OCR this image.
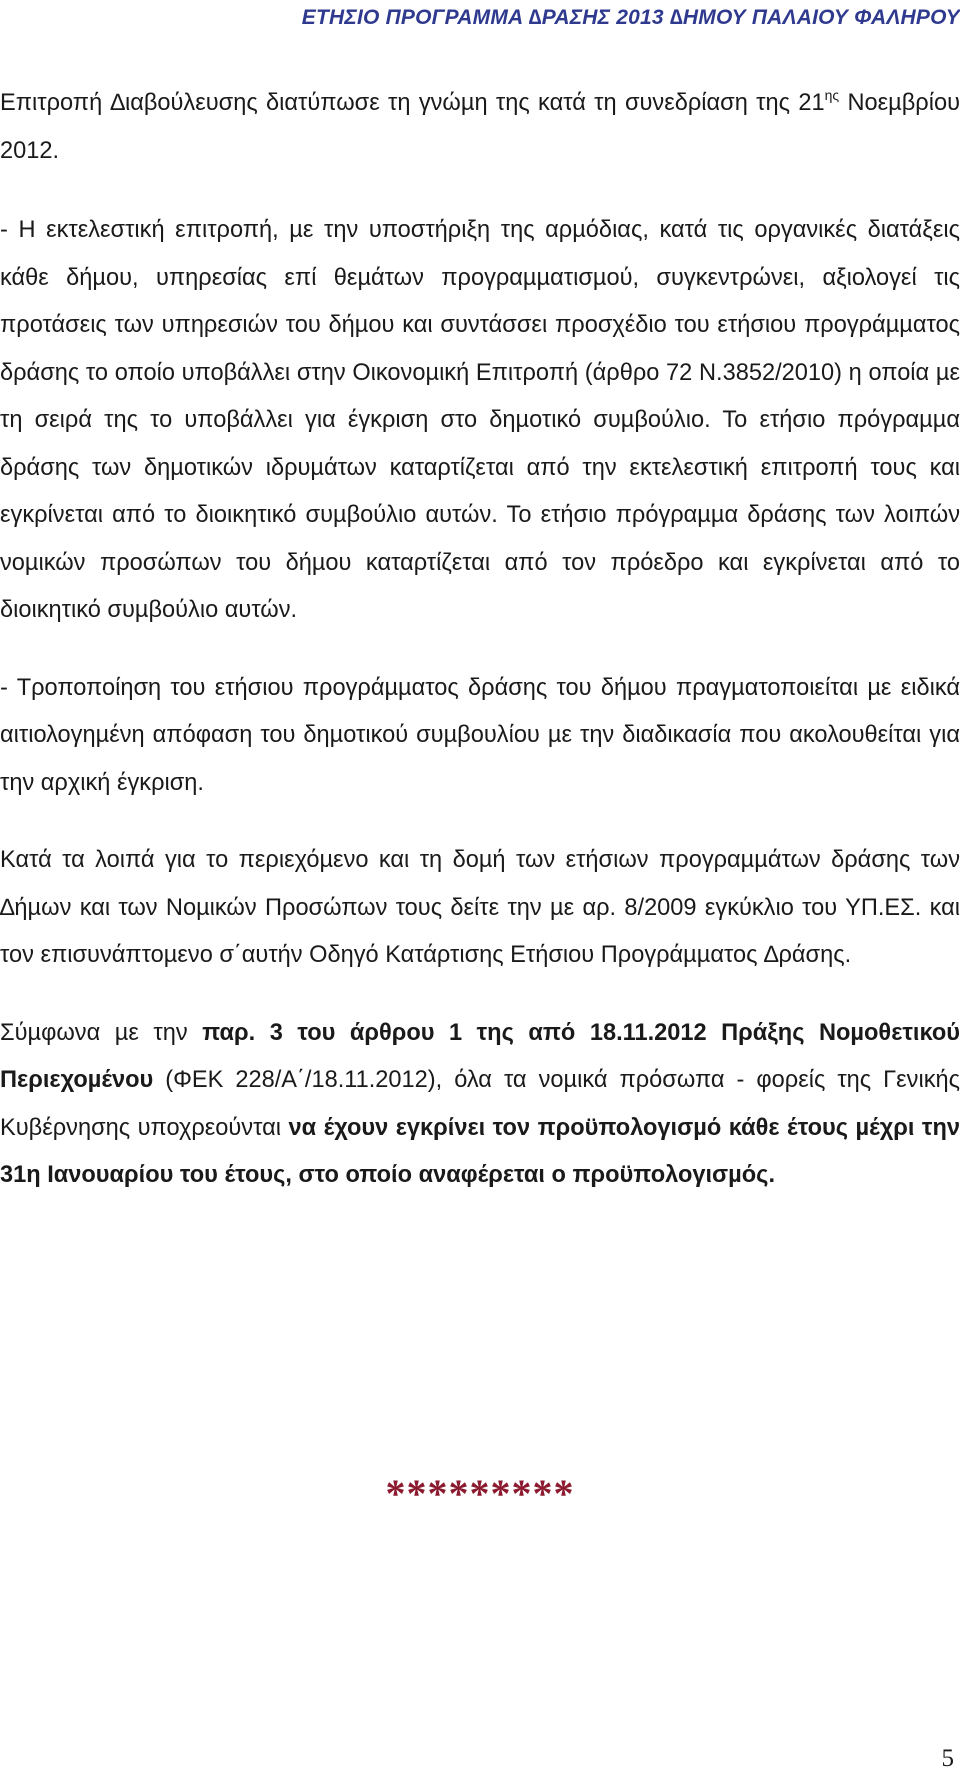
ΕΤΗΣΙΟ ΠΡΟΓΡΑΜΜΑ ∆ΡΑΣΗΣ 2013 ∆ΗΜΟΥ ΠΑΛΑΙΟΥ ΦΑΛΗΡΟΥ

Επιτροπή ∆ιαβούλευσης διατύπωσε τη γνώµη της κατά τη συνεδρίαση της $21^{\eta\varsigma}$ Νοεµβρίου 2012.

- Η εκτελεστική επιτροπή, µε την υποστήριξη της αρµόδιας, κατά τις οργανικές διατάξεις κάθε δήµου, υπηρεσίας επί θεµάτων προγραµµατισµού, συγκεντρώνει, αξιολογεί τις προτάσεις των υπηρεσιών του δήµου και συντάσσει προσχέδιο του ετήσιου προγράµµατος δράσης το οποίο υποβάλλει στην Οικονοµική Επιτροπή (άρθρο 72 Ν.3852/2010) η οποία µε τη σειρά της το υποβάλλει για έγκριση στο δηµοτικό συµβούλιο. Το ετήσιο πρόγραµµα δράσης των δηµοτικών ιδρυµάτων καταρτίζεται από την εκτελεστική επιτροπή τους και εγκρίνεται από το διοικητικό συµβούλιο αυτών. Το ετήσιο πρόγραµµα δράσης των λοιπών νοµικών προσώπων του δήµου καταρτίζεται από τον πρόεδρο και εγκρίνεται από το διοικητικό συµβούλιο αυτών.

- Τροποποίηση του ετήσιου προγράµµατος δράσης του δήµου πραγµατοποιείται µε ειδικά αιτιολογηµένη απόφαση του δηµοτικού συµβουλίου µε την διαδικασία που ακολουθείται για την αρχική έγκριση.

Κατά τα λοιπά για το περιεχόµενο και τη δοµή των ετήσιων προγραµµάτων δράσης των ∆ήµων και των Νοµικών Προσώπων τους δείτε την µε αρ. 8/2009 εγκύκλιο του ΥΠ.ΕΣ. και τον επισυνάπτοµενο σ΄αυτήν Οδηγό Κατάρτισης Ετήσιου Προγράµµατος ∆ράσης.

Σύµφωνα µε την παρ. 3 του άρθρου 1 της από 18.11.2012 Πράξης Νοµοθετικού Περιεχοµένου (ΦΕΚ 228/Α΄/18.11.2012), όλα τα νοµικά πρόσωπα - φορείς της Γενικής Κυβέρνησης υποχρεούνται να έχουν εγκρίνει τον προϋπολογισµό κάθε έτους µέχρι την 31η Ιανουαρίου του έτους, στο οποίο αναφέρεται ο προϋπολογισµός.

*********
5
